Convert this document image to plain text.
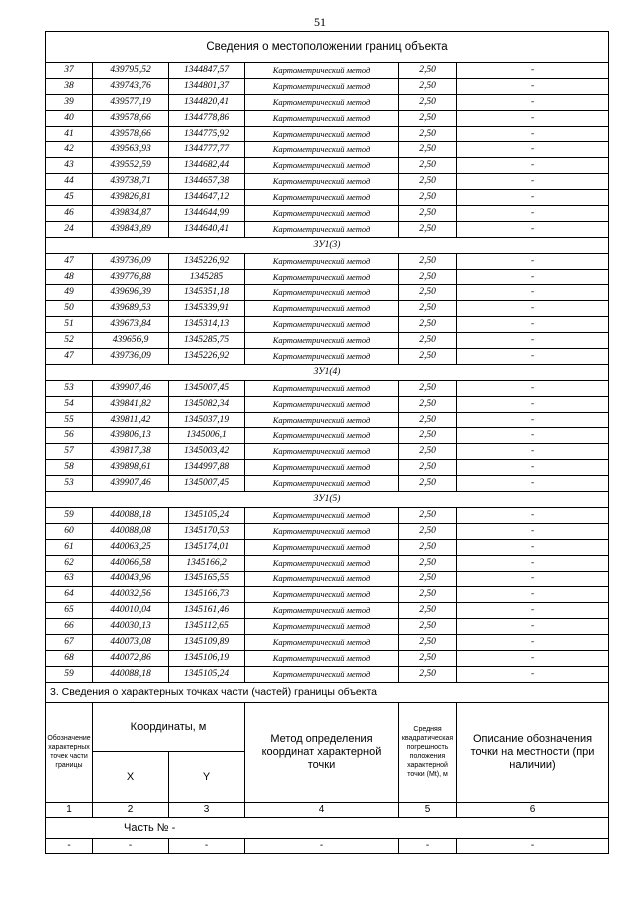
51
Сведения о местоположении границ объекта					
37	439795,52	1344847,57	Картометрический метод	2,50	-
38	439743,76	1344801,37	Картометрический метод	2,50	-
39	439577,19	1344820,41	Картометрический метод	2,50	-
40	439578,66	1344778,86	Картометрический метод	2,50	-
41	439578,66	1344775,92	Картометрический метод	2,50	-
42	439563,93	1344777,77	Картометрический метод	2,50	-
43	439552,59	1344682,44	Картометрический метод	2,50	-
44	439738,71	1344657,38	Картометрический метод	2,50	-
45	439826,81	1344647,12	Картометрический метод	2,50	-
46	439834,87	1344644,99	Картометрический метод	2,50	-
24	439843,89	1344640,41	Картометрический метод	2,50	-
ЗУ1(3)					
47	439736,09	1345226,92	Картометрический метод	2,50	-
48	439776,88	1345285	Картометрический метод	2,50	-
49	439696,39	1345351,18	Картометрический метод	2,50	-
50	439689,53	1345339,91	Картометрический метод	2,50	-
51	439673,84	1345314,13	Картометрический метод	2,50	-
52	439656,9	1345285,75	Картометрический метод	2,50	-
47	439736,09	1345226,92	Картометрический метод	2,50	-
ЗУ1(4)					
53	439907,46	1345007,45	Картометрический метод	2,50	-
54	439841,82	1345082,34	Картометрический метод	2,50	-
55	439811,42	1345037,19	Картометрический метод	2,50	-
56	439806,13	1345006,1	Картометрический метод	2,50	-
57	439817,38	1345003,42	Картометрический метод	2,50	-
58	439898,61	1344997,88	Картометрический метод	2,50	-
53	439907,46	1345007,45	Картометрический метод	2,50	-
ЗУ1(5)					
59	440088,18	1345105,24	Картометрический метод	2,50	-
60	440088,08	1345170,53	Картометрический метод	2,50	-
61	440063,25	1345174,01	Картометрический метод	2,50	-
62	440066,58	1345166,2	Картометрический метод	2,50	-
63	440043,96	1345165,55	Картометрический метод	2,50	-
64	440032,56	1345166,73	Картометрический метод	2,50	-
65	440010,04	1345161,46	Картометрический метод	2,50	-
66	440030,13	1345112,65	Картометрический метод	2,50	-
67	440073,08	1345109,89	Картометрический метод	2,50	-
68	440072,86	1345106,19	Картометрический метод	2,50	-
59	440088,18	1345105,24	Картометрический метод	2,50	-
3. Сведения о характерных точках части (частей) границы объекта					
Обозначение характерных точек части границы	Координаты, м		Метод определения координат характерной точки	Средняя квадратическая погрешность положения характерной точки (Mt), м	Описание обозначения точки на местности (при наличии)
	X	Y			
1	2	3	4	5	6
Часть № -					
-	-	-	-	-	-
